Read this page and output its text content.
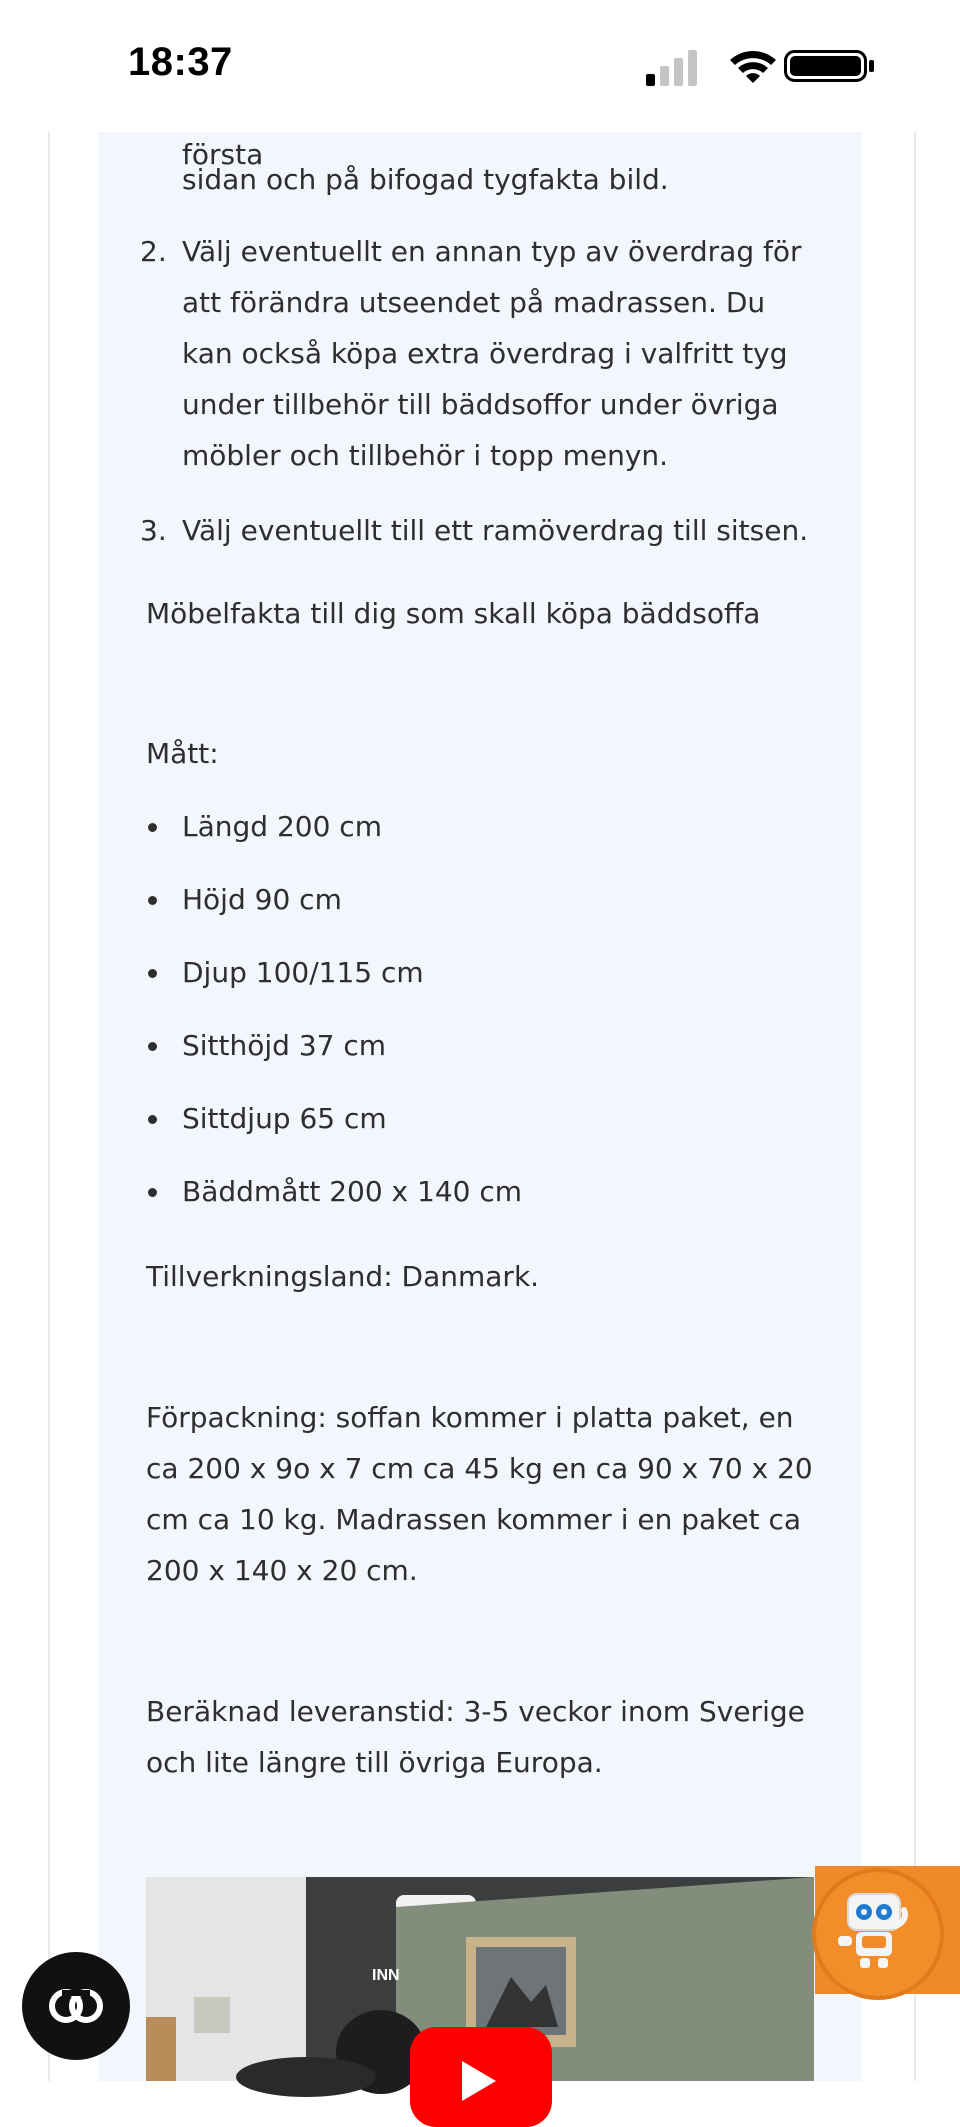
18:37
första
sidan och på bifogad tygfakta bild.
2. Välj eventuellt en annan typ av överdrag för att förändra utseendet på madrassen. Du kan också köpa extra överdrag i valfritt tyg under tillbehör till bäddsoffor under övriga möbler och tillbehör i topp menyn.
3. Välj eventuellt till ett ramöverdrag till sitsen.
Möbelfakta till dig som skall köpa bäddsoffa
Mått:
Längd 200 cm
Höjd 90 cm
Djup 100/115 cm
Sitthöjd 37 cm
Sittdjup 65 cm
Bäddmått 200 x 140 cm
Tillverkningsland: Danmark.
Förpackning: soffan kommer i platta paket, en ca 200 x 9o x 7 cm ca 45 kg en ca 90 x 70 x 20 cm ca 10 kg. Madrassen kommer i en paket ca 200 x 140 x 20 cm.
Beräknad leveranstid: 3-5 veckor inom Sverige och lite längre till övriga Europa.
INN
